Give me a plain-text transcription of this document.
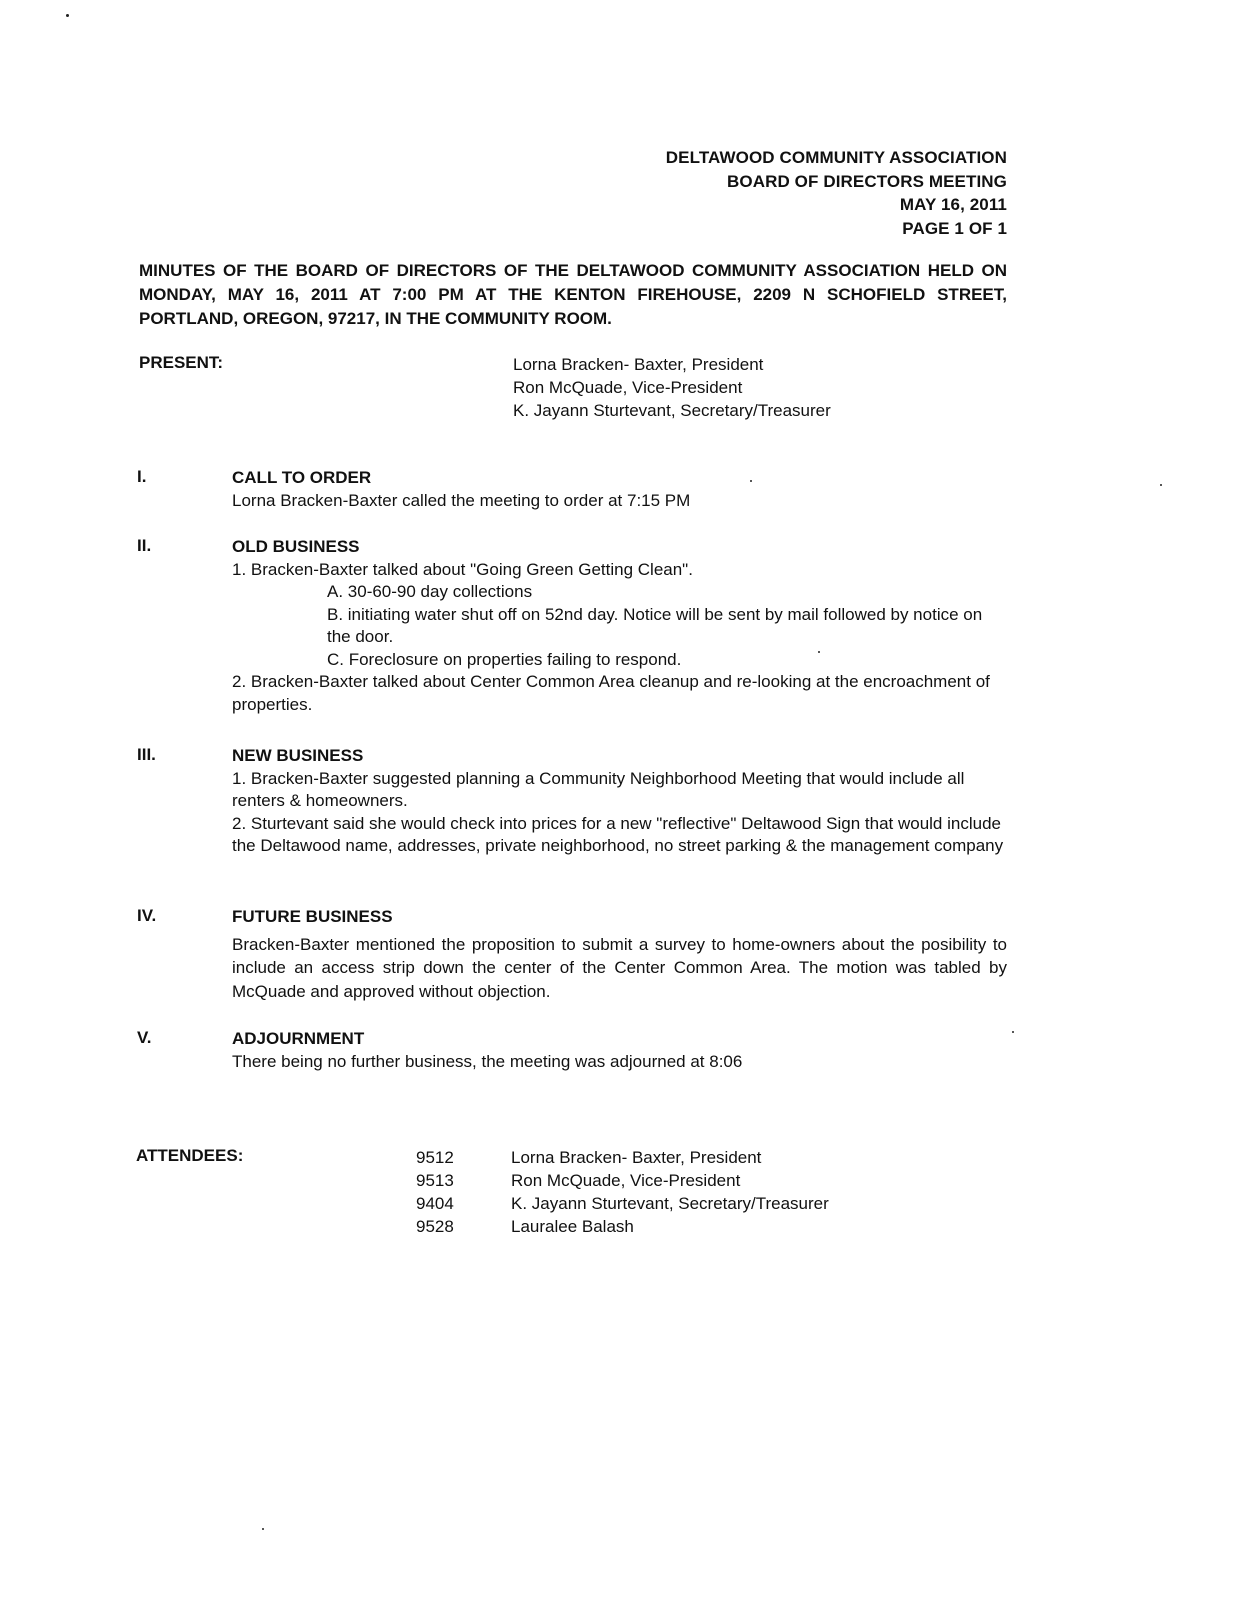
DELTAWOOD COMMUNITY ASSOCIATION
BOARD OF DIRECTORS MEETING
MAY 16, 2011
PAGE 1 OF 1
MINUTES OF THE BOARD OF DIRECTORS OF THE DELTAWOOD COMMUNITY ASSOCIATION HELD ON MONDAY, MAY 16, 2011 AT 7:00 PM AT THE KENTON FIREHOUSE, 2209 N SCHOFIELD STREET, PORTLAND, OREGON, 97217, IN THE COMMUNITY ROOM.
PRESENT:	Lorna Bracken- Baxter, President
Ron McQuade, Vice-President
K. Jayann Sturtevant, Secretary/Treasurer
I.	CALL TO ORDER
Lorna Bracken-Baxter called the meeting to order at 7:15 PM
II.	OLD BUSINESS
1. Bracken-Baxter talked about "Going Green Getting Clean".
A. 30-60-90 day collections
B. initiating water shut off on 52nd day. Notice will be sent by mail followed by notice on the door.
C. Foreclosure on properties failing to respond.
2. Bracken-Baxter talked about Center Common Area cleanup and re-looking at the encroachment of properties.
III.	NEW BUSINESS
1. Bracken-Baxter suggested planning a Community Neighborhood Meeting that would include all renters & homeowners.
2. Sturtevant said she would check into prices for a new "reflective" Deltawood Sign that would include the Deltawood name, addresses, private neighborhood, no street parking & the management company
IV.	FUTURE BUSINESS
Bracken-Baxter mentioned the proposition to submit a survey to home-owners about the posibility to include an access strip down the center of the Center Common Area. The motion was tabled by McQuade and approved without objection.
V.	ADJOURNMENT
There being no further business, the meeting was adjourned at 8:06
ATTENDEES:	9512	Lorna Bracken- Baxter, President
9513	Ron McQuade, Vice-President
9404	K. Jayann Sturtevant, Secretary/Treasurer
9528	Lauralee Balash
